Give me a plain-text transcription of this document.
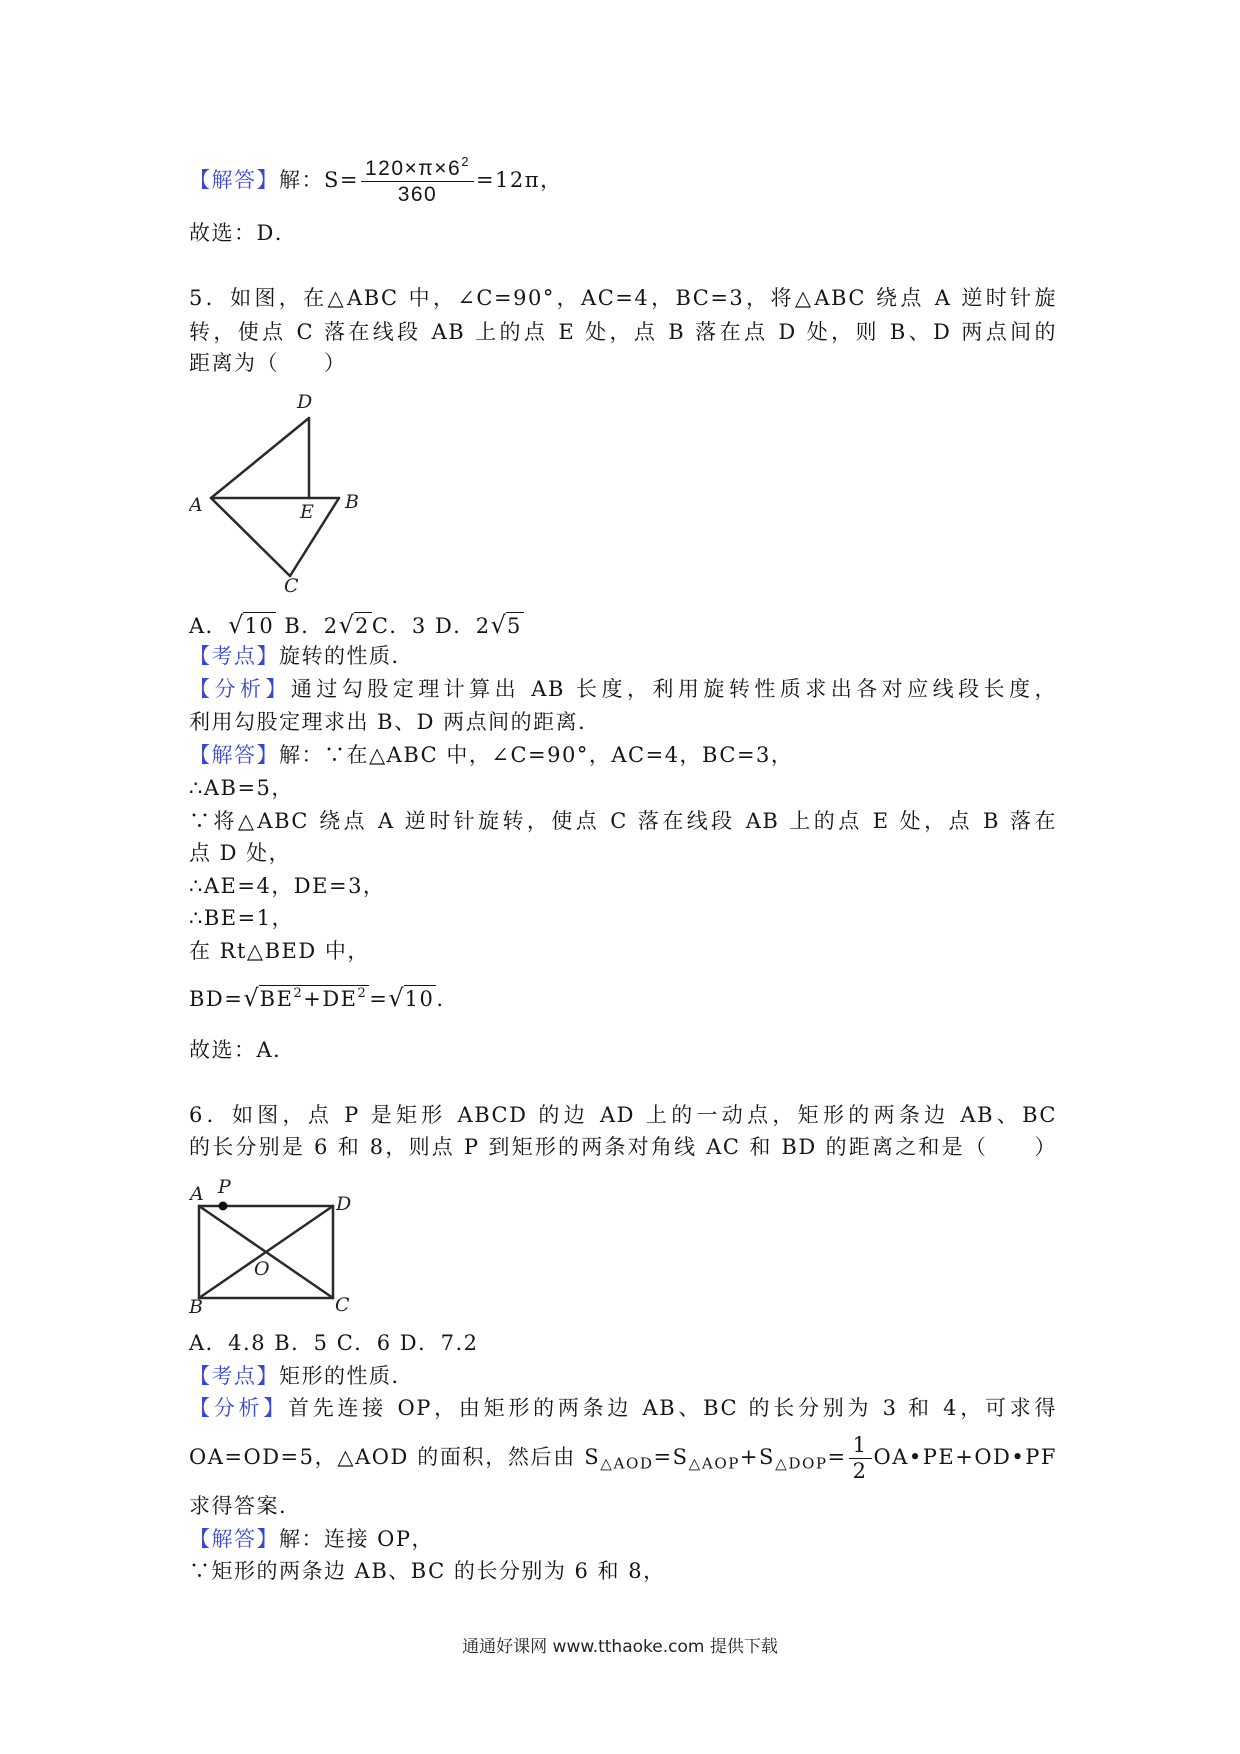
【解答】解：$S= \frac{120\times\pi\times 6^2}{360} =12\pi$，
故选：D．
5．如图，在△ABC 中，∠C=90°，AC=4，BC=3，将△ABC 绕点 A 逆时针旋
转，使点 C 落在线段 AB 上的点 E 处，点 B 落在点 D 处，则 B、D 两点间的
距离为（　　）
D
A	B
E
C
A．√10 B．2√2C．3 D．2√5
【考点】旋转的性质．
【分析】通过勾股定理计算出 AB 长度，利用旋转性质求出各对应线段长度，
利用勾股定理求出 B、D 两点间的距离．
【解答】解：∵在△ABC 中，∠C=90°，AC=4，BC=3，
∴AB=5，
∵将△ABC 绕点 A 逆时针旋转，使点 C 落在线段 AB 上的点 E 处，点 B 落在
点 D 处，
∴AE=4，DE=3，
∴BE=1，
在 Rt△BED 中，
$BD=√BE^2+DE^2=√10$.
故选：A．
6．如图，点 P 是矩形 ABCD 的边 AD 上的一动点，矩形的两条边 AB、BC
的长分别是 6 和 8，则点 P 到矩形的两条对角线 AC 和 BD 的距离之和是（　　）
A P
D
O
B	C
A．4.8 B．5 C．6 D．7.2
【考点】矩形的性质．
【分析】首先连接 OP，由矩形的两条边 AB、BC 的长分别为 3 和 4，可求得
OA=OD=5，△AOD 的面积，然后由 $S_{\triangle AOD}=S_{\triangle AOP}+S_{\triangle DOP}= \frac{1}{2}$ OA•PE+OD•PF
求得答案．
【解答】解：连接 OP，
∵矩形的两条边 AB、BC 的长分别为 6 和 8，
通通好课网 www.tthaoke.com 提供下载
